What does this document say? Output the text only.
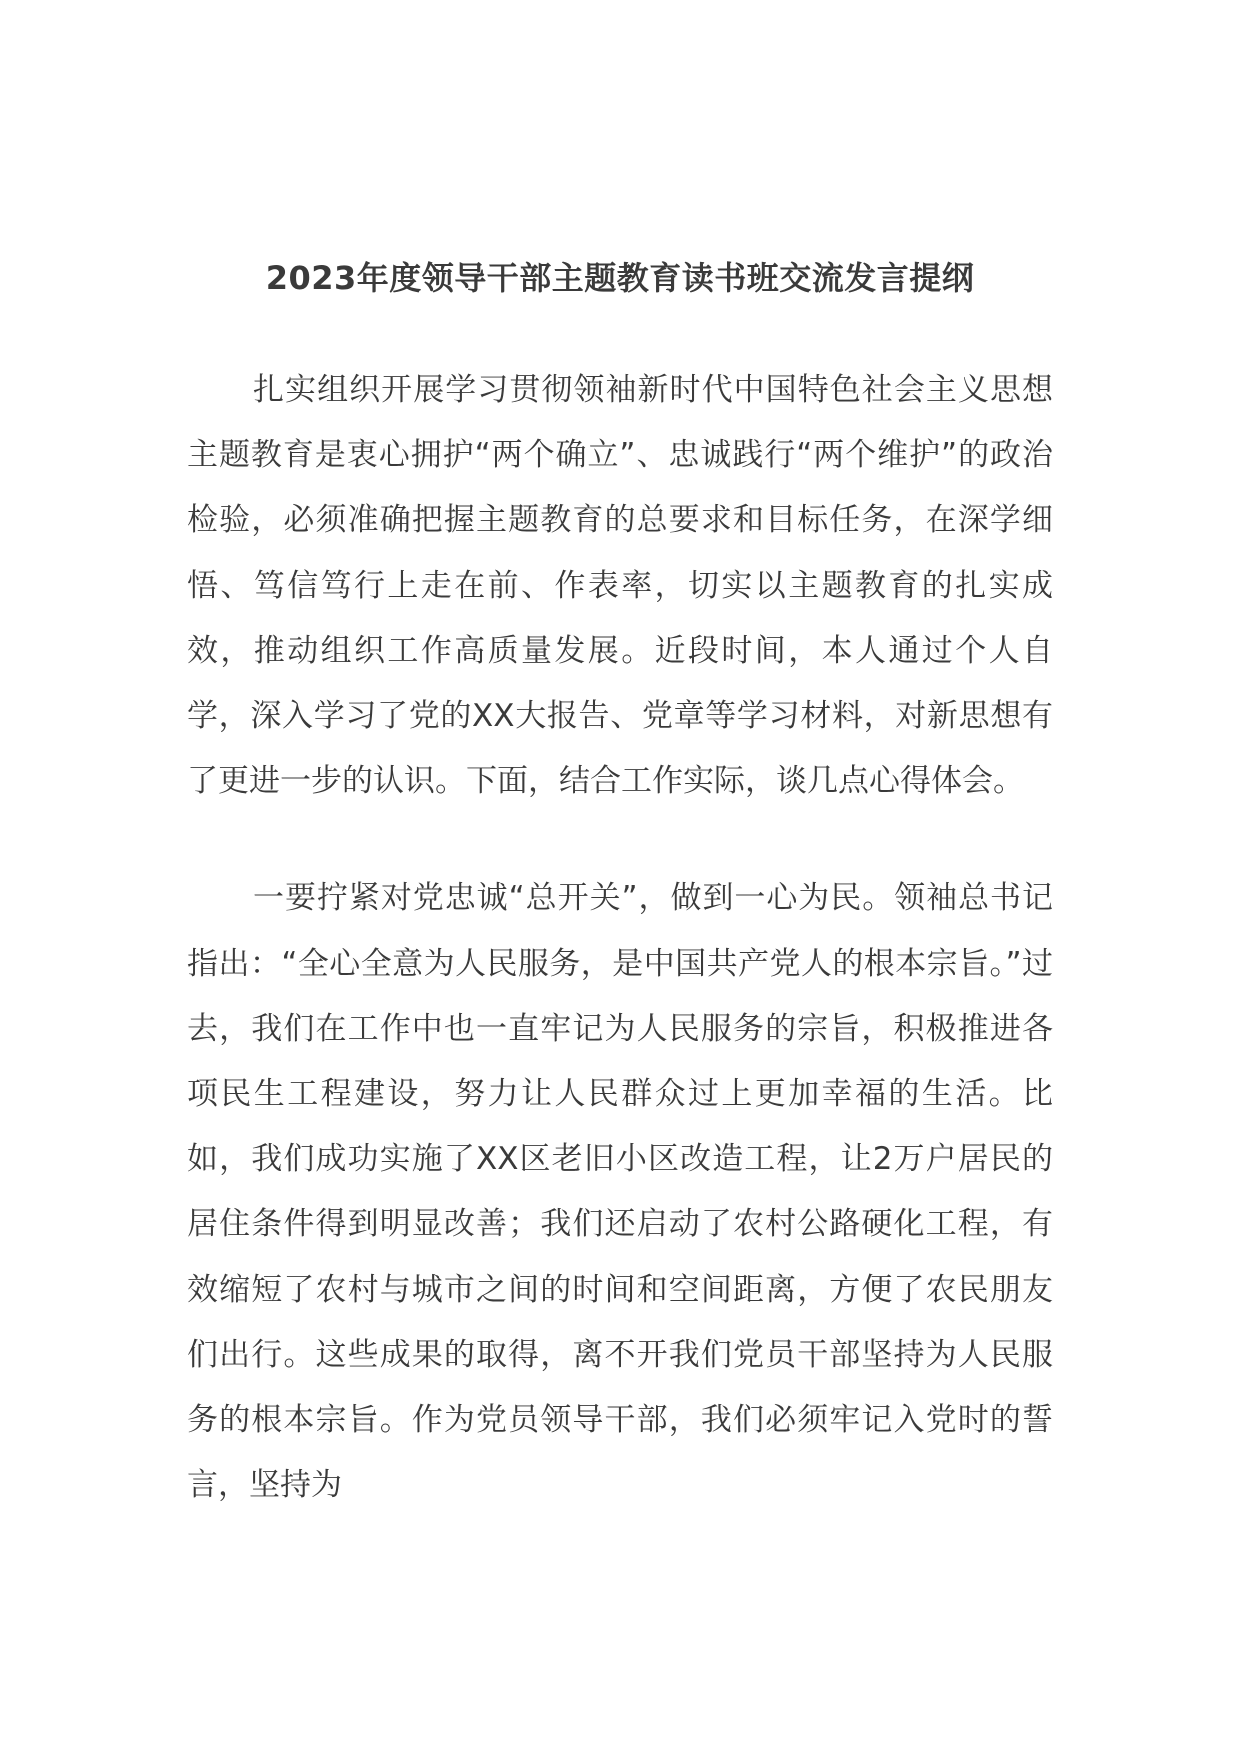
2023年度领导干部主题教育读书班交流发言提纲

扎实组织开展学习贯彻领袖新时代中国特色社会主义思想主题教育是衷心拥护“两个确立”、忠诚践行“两个维护”的政治检验，必须准确把握主题教育的总要求和目标任务，在深学细悟、笃信笃行上走在前、作表率，切实以主题教育的扎实成效，推动组织工作高质量发展。近段时间，本人通过个人自学，深入学习了党的XX大报告、党章等学习材料，对新思想有了更进一步的认识。下面，结合工作实际，谈几点心得体会。

一要拧紧对党忠诚“总开关”，做到一心为民。领袖总书记指出：“全心全意为人民服务，是中国共产党人的根本宗旨。”过去，我们在工作中也一直牢记为人民服务的宗旨，积极推进各项民生工程建设，努力让人民群众过上更加幸福的生活。比如，我们成功实施了XX区老旧小区改造工程，让2万户居民的居住条件得到明显改善；我们还启动了农村公路硬化工程，有效缩短了农村与城市之间的时间和空间距离，方便了农民朋友们出行。这些成果的取得，离不开我们党员干部坚持为人民服务的根本宗旨。作为党员领导干部，我们必须牢记入党时的誓言，坚持为
